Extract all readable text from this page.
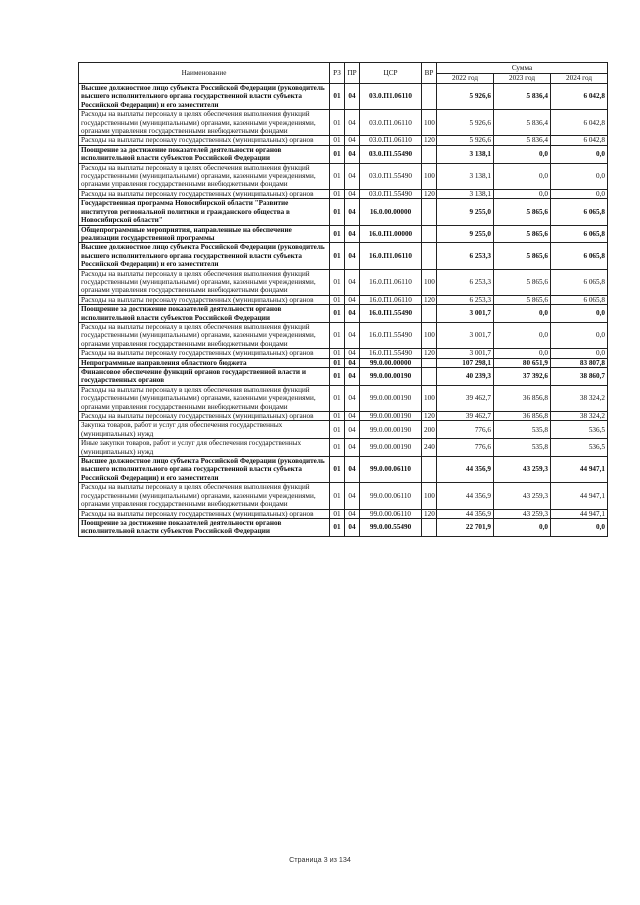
Наименование	РЗ	ПР	ЦСР	ВР	Сумма		
					2022 год	2023 год	2024 год
Высшее должностное лицо субъекта Российской Федерации (руководитель высшего исполнительного органа государственной власти субъекта Российской Федерации) и его заместители	01	04	03.0.П1.06110		5 926,6	5 836,4	6 042,8
Расходы на выплаты персоналу в целях обеспечения выполнения функций государственными (муниципальными) органами, казенными учреждениями, органами управления государственными внебюджетными фондами	01	04	03.0.П1.06110	100	5 926,6	5 836,4	6 042,8
Расходы на выплаты персоналу государственных (муниципальных) органов	01	04	03.0.П1.06110	120	5 926,6	5 836,4	6 042,8
Поощрение за достижение показателей деятельности органов исполнительной власти субъектов Российской Федерации	01	04	03.0.П1.55490		3 138,1	0,0	0,0
Расходы на выплаты персоналу в целях обеспечения выполнения функций государственными (муниципальными) органами, казенными учреждениями, органами управления государственными внебюджетными фондами	01	04	03.0.П1.55490	100	3 138,1	0,0	0,0
Расходы на выплаты персоналу государственных (муниципальных) органов	01	04	03.0.П1.55490	120	3 138,1	0,0	0,0
Государственная программа Новосибирской области "Развитие институтов региональной политики и гражданского общества в Новосибирской области"	01	04	16.0.00.00000		9 255,0	5 865,6	6 065,8
Общепрограммные мероприятия, направленные на обеспечение реализации государственной программы	01	04	16.0.П1.00000		9 255,0	5 865,6	6 065,8
Высшее должностное лицо субъекта Российской Федерации (руководитель высшего исполнительного органа государственной власти субъекта Российской Федерации) и его заместители	01	04	16.0.П1.06110		6 253,3	5 865,6	6 065,8
Расходы на выплаты персоналу в целях обеспечения выполнения функций государственными (муниципальными) органами, казенными учреждениями, органами управления государственными внебюджетными фондами	01	04	16.0.П1.06110	100	6 253,3	5 865,6	6 065,8
Расходы на выплаты персоналу государственных (муниципальных) органов	01	04	16.0.П1.06110	120	6 253,3	5 865,6	6 065,8
Поощрение за достижение показателей деятельности органов исполнительной власти субъектов Российской Федерации	01	04	16.0.П1.55490		3 001,7	0,0	0,0
Расходы на выплаты персоналу в целях обеспечения выполнения функций государственными (муниципальными) органами, казенными учреждениями, органами управления государственными внебюджетными фондами	01	04	16.0.П1.55490	100	3 001,7	0,0	0,0
Расходы на выплаты персоналу государственных (муниципальных) органов	01	04	16.0.П1.55490	120	3 001,7	0,0	0,0
Непрограммные направления областного бюджета	01	04	99.0.00.00000		107 298,1	80 651,9	83 807,8
Финансовое обеспечение функций органов государственной власти и государственных органов	01	04	99.0.00.00190		40 239,3	37 392,6	38 860,7
Расходы на выплаты персоналу в целях обеспечения выполнения функций государственными (муниципальными) органами, казенными учреждениями, органами управления государственными внебюджетными фондами	01	04	99.0.00.00190	100	39 462,7	36 856,8	38 324,2
Расходы на выплаты персоналу государственных (муниципальных) органов	01	04	99.0.00.00190	120	39 462,7	36 856,8	38 324,2
Закупка товаров, работ и услуг для обеспечения государственных (муниципальных) нужд	01	04	99.0.00.00190	200	776,6	535,8	536,5
Иные закупки товаров, работ и услуг для обеспечения государственных (муниципальных) нужд	01	04	99.0.00.00190	240	776,6	535,8	536,5
Высшее должностное лицо субъекта Российской Федерации (руководитель высшего исполнительного органа государственной власти субъекта Российской Федерации) и его заместители	01	04	99.0.00.06110		44 356,9	43 259,3	44 947,1
Расходы на выплаты персоналу в целях обеспечения выполнения функций государственными (муниципальными) органами, казенными учреждениями, органами управления государственными внебюджетными фондами	01	04	99.0.00.06110	100	44 356,9	43 259,3	44 947,1
Расходы на выплаты персоналу государственных (муниципальных) органов	01	04	99.0.00.06110	120	44 356,9	43 259,3	44 947,1
Поощрение за достижение показателей деятельности органов исполнительной власти субъектов Российской Федерации	01	04	99.0.00.55490		22 701,9	0,0	0,0
Страница 3 из 134
